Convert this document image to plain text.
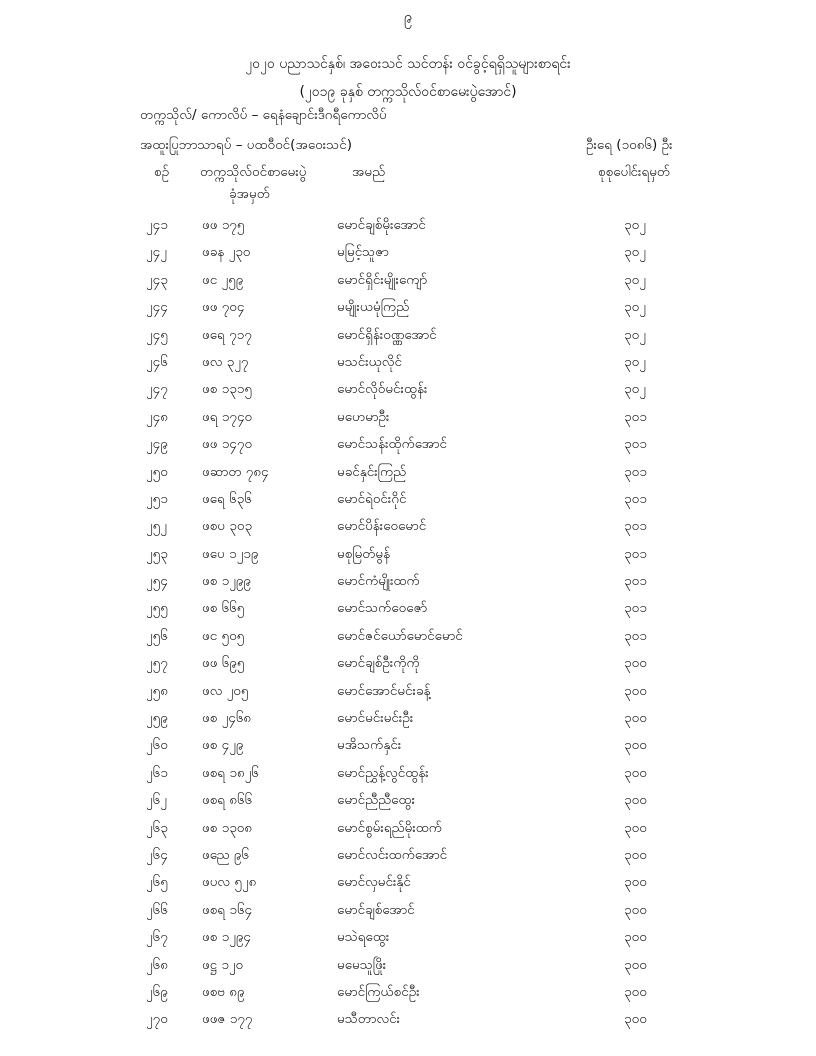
၉
၂၀၂၀ ပညာသင်နှစ်၊ အဝေးသင် သင်တန်း ဝင်ခွင့်ရရှိသူများစာရင်း
(၂၀၁၉ ခုနှစ် တက္ကသိုလ်ဝင်စာမေးပွဲအောင်)
တက္ကသိုလ်/ ကောလိပ် – ရေနံချောင်းဒီဂရီကောလိပ်
အထူးပြုဘာသာရပ် – ပထဝီဝင်(အဝေးသင်)	ဦးရေ (၁၀၈၆) ဦး
စဉ် တက္ကသိုလ်ဝင်စာမေးပွဲ
ခုံအမှတ်
အမည်	စုစုပေါင်းရမှတ်
၂၄၁	ဖဖ ၁၇၅	မောင်ချစ်မိုးအောင်	၃၀၂
၂၄၂	ဖခန ၂၃၀	မမြင့်သူဇာ	၃၀၂
၂၄၃	ဖင ၂၅၉	မောင်ရှိင်းမျိုးကျော်	၃၀၂
၂၄၄	ဖဖ ၇၀၄	မမျိုးယမုံကြည်	၃၀၂
၂၄၅	ဖရေ ၇၁၇	မောင်ရှိန်းဝဏ္ဏအောင်	၃၀၂
၂၄၆	ဖလ ၃၂၇	မသင်းယုလိုင်	၃၀၂
၂၄၇	ဖစ ၁၃၁၅	မောင်လိုဝ်မင်းထွန်း	၃၀၂
၂၄၈	ဖရ ၁၇၄၀	မဟေမာဦး	၃၀၁
၂၄၉	ဖဖ ၁၄၇၀	မောင်သန်းထိုက်အောင်	၃၀၁
၂၅၀	ဖဆာတ ၇၈၄	မခင်နှင်းကြည်	၃၀၁
၂၅၁	ဖရေ ၆၃၆	မောင်ရဲဝင်းဂိုင်	၃၀၁
၂၅၂	ဖစပ ၃၀၃	မောင်ပိန်းဝေမောင်	၃၀၁
၂၅၃	ဖပေ ၁၂၁၉	မစုမြတ်မွန်	၃၀၁
၂၅၄	ဖစ ၁၂၉၉	မောင်ကံမျိုးထက်	၃၀၁
၂၅၅	ဖစ ၆၆၅	မောင်သက်ဝေဇော်	၃၀၁
၂၅၆	ဖင ၅၀၅	မောင်ဇင်ယော်မောင်မောင်	၃၀၁
၂၅၇	ဖဖ ၆၉၅	မောင်ချစ်ဦးကိုကို	၃၀၀
၂၅၈	ဖလ ၂၀၅	မောင်အောင်မင်းခန့်	၃၀၀
၂၅၉	ဖစ ၂၄၆၈	မောင်မင်းမင်းဦး	၃၀၀
၂၆၀	ဖစ ၄၂၉	မအိသက်နှင်း	၃၀၀
၂၆၁	ဖစရ ၁၈၂၆	မောင်ညွှန့်လွင်ထွန်း	၃၀၀
၂၆၂	ဖစရ ၈၆၆	မောင်ညီညီထွေး	၃၀၀
၂၆၃	ဖစ ၁၃၀၈	မောင်စွမ်းရည်မိုးထက်	၃၀၀
၂၆၄	ဖညေ ၉၆	မောင်လင်းထက်အောင်	၃၀၀
၂၆၅	ဖပလ ၅၂၈	မောင်လှမင်းနိုင်	၃၀၀
၂၆၆	ဖစရ ၁၆၄	မောင်ချစ်အောင်	၃၀၀
၂၆၇	ဖစ ၁၂၉၄	မသဲရထွေး	၃၀၀
၂၆၈	ဖဋ္ဌ ၁၂၀	မမေသူဖြိုး	၃၀၀
၂၆၉	ဖစဗ ၈၉	မောင်ကြယ်စင်ဦး	၃၀၀
၂၇၀	ဖဖဇ ၁၇၇	မသီတာလင်း	၃၀၀
